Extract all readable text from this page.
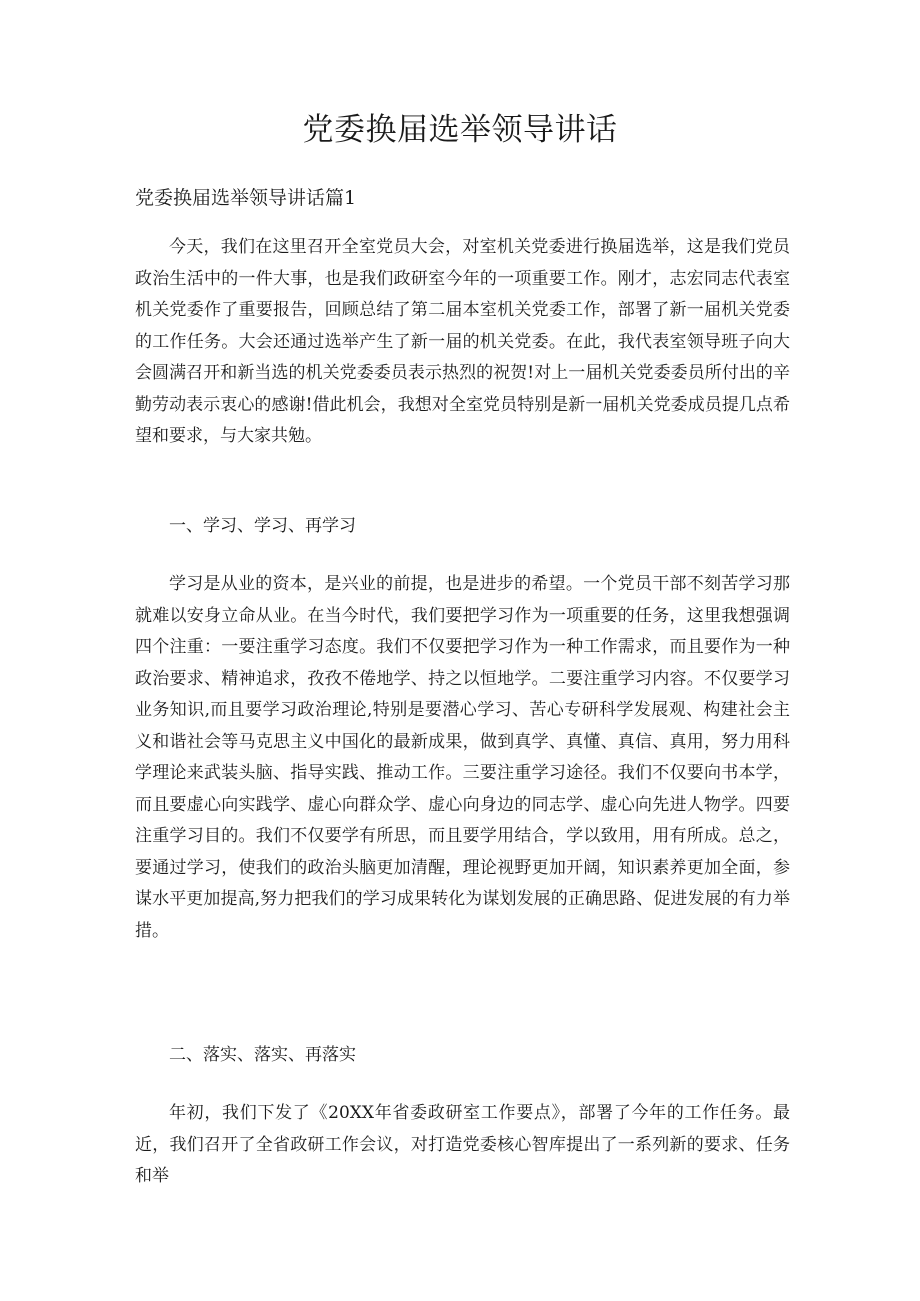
党委换届选举领导讲话
党委换届选举领导讲话篇1

今天，我们在这里召开全室党员大会，对室机关党委进行换届选举，这是我们党员政治生活中的一件大事，也是我们政研室今年的一项重要工作。刚才，志宏同志代表室机关党委作了重要报告，回顾总结了第二届本室机关党委工作，部署了新一届机关党委的工作任务。大会还通过选举产生了新一届的机关党委。在此，我代表室领导班子向大会圆满召开和新当选的机关党委委员表示热烈的祝贺!对上一届机关党委委员所付出的辛勤劳动表示衷心的感谢!借此机会，我想对全室党员特别是新一届机关党委成员提几点希望和要求，与大家共勉。

一、学习、学习、再学习

学习是从业的资本，是兴业的前提，也是进步的希望。一个党员干部不刻苦学习那就难以安身立命从业。在当今时代，我们要把学习作为一项重要的任务，这里我想强调四个注重：一要注重学习态度。我们不仅要把学习作为一种工作需求，而且要作为一种政治要求、精神追求，孜孜不倦地学、持之以恒地学。二要注重学习内容。不仅要学习业务知识,而且要学习政治理论,特别是要潜心学习、苦心专研科学发展观、构建社会主义和谐社会等马克思主义中国化的最新成果，做到真学、真懂、真信、真用，努力用科学理论来武装头脑、指导实践、推动工作。三要注重学习途径。我们不仅要向书本学，而且要虚心向实践学、虚心向群众学、虚心向身边的同志学、虚心向先进人物学。四要注重学习目的。我们不仅要学有所思，而且要学用结合，学以致用，用有所成。总之，要通过学习，使我们的政治头脑更加清醒，理论视野更加开阔，知识素养更加全面，参谋水平更加提高,努力把我们的学习成果转化为谋划发展的正确思路、促进发展的有力举措。

二、落实、落实、再落实

年初，我们下发了《20XX年省委政研室工作要点》，部署了今年的工作任务。最近，我们召开了全省政研工作会议，对打造党委核心智库提出了一系列新的要求、任务和举
